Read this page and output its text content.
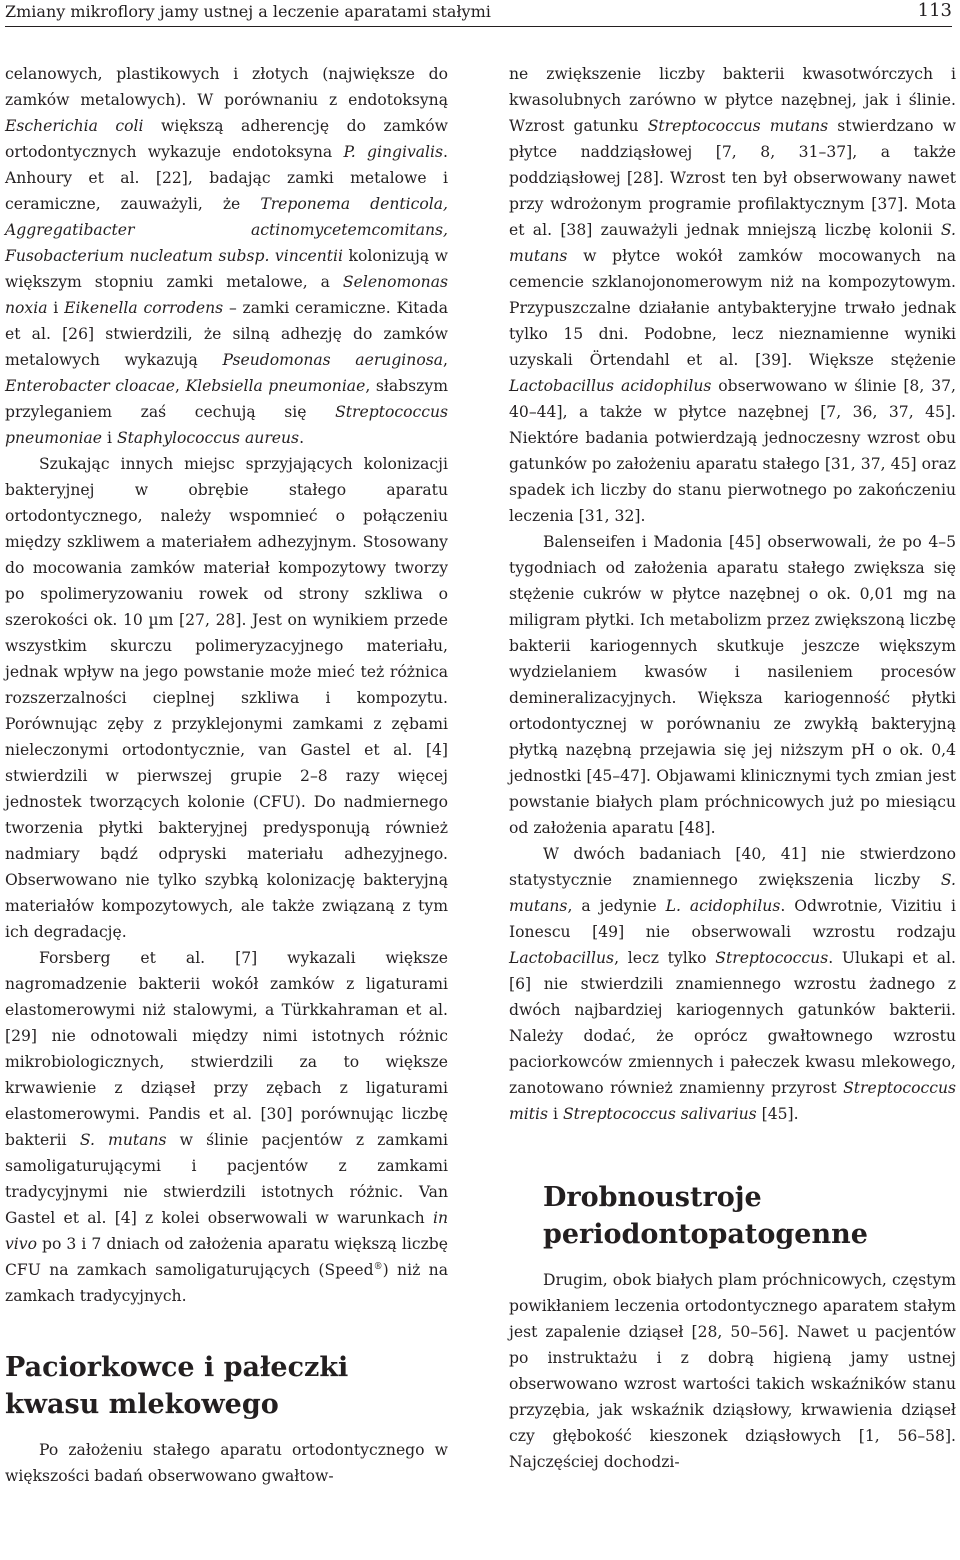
Zmiany mikroflory jamy ustnej a leczenie aparatami stałymi	113

celanowych, plastikowych i złotych (największe do zamków metalowych). W porównaniu z endotoksyną Escherichia coli większą adherencję do zamków ortodontycznych wykazuje endotoksyna P. gingivalis. Anhoury et al. [22], badając zamki metalowe i ceramiczne, zauważyli, że Treponema denticola, Aggregatibacter actinomycetemcomitans, Fusobacterium nucleatum subsp. vincentii kolonizują w większym stopniu zamki metalowe, a Selenomonas noxia i Eikenella corrodens – zamki ceramiczne. Kitada et al. [26] stwierdzili, że silną adhezję do zamków metalowych wykazują Pseudomonas aeruginosa, Enterobacter cloacae, Klebsiella pneumoniae, słabszym przyleganiem zaś cechują się Streptococcus pneumoniae i Staphylococcus aureus.

Szukając innych miejsc sprzyjających kolonizacji bakteryjnej w obrębie stałego aparatu ortodontycznego, należy wspomnieć o połączeniu między szkliwem a materiałem adhezyjnym. Stosowany do mocowania zamków materiał kompozytowy tworzy po spolimeryzowaniu rowek od strony szkliwa o szerokości ok. 10 µm [27, 28]. Jest on wynikiem przede wszystkim skurczu polimeryzacyjnego materiału, jednak wpływ na jego powstanie może mieć też różnica rozszerzalności cieplnej szkliwa i kompozytu. Porównując zęby z przyklejonymi zamkami z zębami nieleczonymi ortodontycznie, van Gastel et al. [4] stwierdzili w pierwszej grupie 2–8 razy więcej jednostek tworzących kolonie (CFU). Do nadmiernego tworzenia płytki bakteryjnej predysponują również nadmiary bądź odpryski materiału adhezyjnego. Obserwowano nie tylko szybką kolonizację bakteryjną materiałów kompozytowych, ale także związaną z tym ich degradację.

Forsberg et al. [7] wykazali większe nagromadzenie bakterii wokół zamków z ligaturami elastomerowymi niż stalowymi, a Türkkahraman et al. [29] nie odnotowali między nimi istotnych różnic mikrobiologicznych, stwierdzili za to większe krwawienie z dziąseł przy zębach z ligaturami elastomerowymi. Pandis et al. [30] porównując liczbę bakterii S. mutans w ślinie pacjentów z zamkami samoligaturującymi i pacjentów z zamkami tradycyjnymi nie stwierdzili istotnych różnic. Van Gastel et al. [4] z kolei obserwowali w warunkach in vivo po 3 i 7 dniach od założenia aparatu większą liczbę CFU na zamkach samoligaturujących (Speed®) niż na zamkach tradycyjnych.

Paciorkowce i pałeczki kwasu mlekowego

Po założeniu stałego aparatu ortodontycznego w większości badań obserwowano gwałtow-

ne zwiększenie liczby bakterii kwasotwórczych i kwasolubnych zarówno w płytce nazębnej, jak i ślinie. Wzrost gatunku Streptococcus mutans stwierdzano w płytce naddziąsłowej [7, 8, 31–37], a także poddziąsłowej [28]. Wzrost ten był obserwowany nawet przy wdrożonym programie profilaktycznym [37]. Mota et al. [38] zauważyli jednak mniejszą liczbę kolonii S. mutans w płytce wokół zamków mocowanych na cemencie szklanojonomerowym niż na kompozytowym. Przypuszczalne działanie antybakteryjne trwało jednak tylko 15 dni. Podobne, lecz nieznamienne wyniki uzyskali Örtendahl et al. [39]. Większe stężenie Lactobacillus acidophilus obserwowano w ślinie [8, 37, 40–44], a także w płytce nazębnej [7, 36, 37, 45]. Niektóre badania potwierdzają jednoczesny wzrost obu gatunków po założeniu aparatu stałego [31, 37, 45] oraz spadek ich liczby do stanu pierwotnego po zakończeniu leczenia [31, 32].

Balenseifen i Madonia [45] obserwowali, że po 4–5 tygodniach od założenia aparatu stałego zwiększa się stężenie cukrów w płytce nazębnej o ok. 0,01 mg na miligram płytki. Ich metabolizm przez zwiększoną liczbę bakterii kariogennych skutkuje jeszcze większym wydzielaniem kwasów i nasileniem procesów demineralizacyjnych. Większa kariogenność płytki ortodontycznej w porównaniu ze zwykłą bakteryjną płytką nazębną przejawia się jej niższym pH o ok. 0,4 jednostki [45–47]. Objawami klinicznymi tych zmian jest powstanie białych plam próchnicowych już po miesiącu od założenia aparatu [48].

W dwóch badaniach [40, 41] nie stwierdzono statystycznie znamiennego zwiększenia liczby S. mutans, a jedynie L. acidophilus. Odwrotnie, Vizitiu i Ionescu [49] nie obserwowali wzrostu rodzaju Lactobacillus, lecz tylko Streptococcus. Ulukapi et al. [6] nie stwierdzili znamiennego wzrostu żadnego z dwóch najbardziej kariogennych gatunków bakterii. Należy dodać, że oprócz gwałtownego wzrostu paciorkowców zmiennych i pałeczek kwasu mlekowego, zanotowano również znamienny przyrost Streptococcus mitis i Streptococcus salivarius [45].

Drobnoustroje periodontopatogenne

Drugim, obok białych plam próchnicowych, częstym powikłaniem leczenia ortodontycznego aparatem stałym jest zapalenie dziąseł [28, 50–56]. Nawet u pacjentów po instruktażu i z dobrą higieną jamy ustnej obserwowano wzrost wartości takich wskaźników stanu przyzębia, jak wskaźnik dziąsłowy, krwawienia dziąseł czy głębokość kieszonek dziąsłowych [1, 56–58]. Najczęściej dochodzi-
